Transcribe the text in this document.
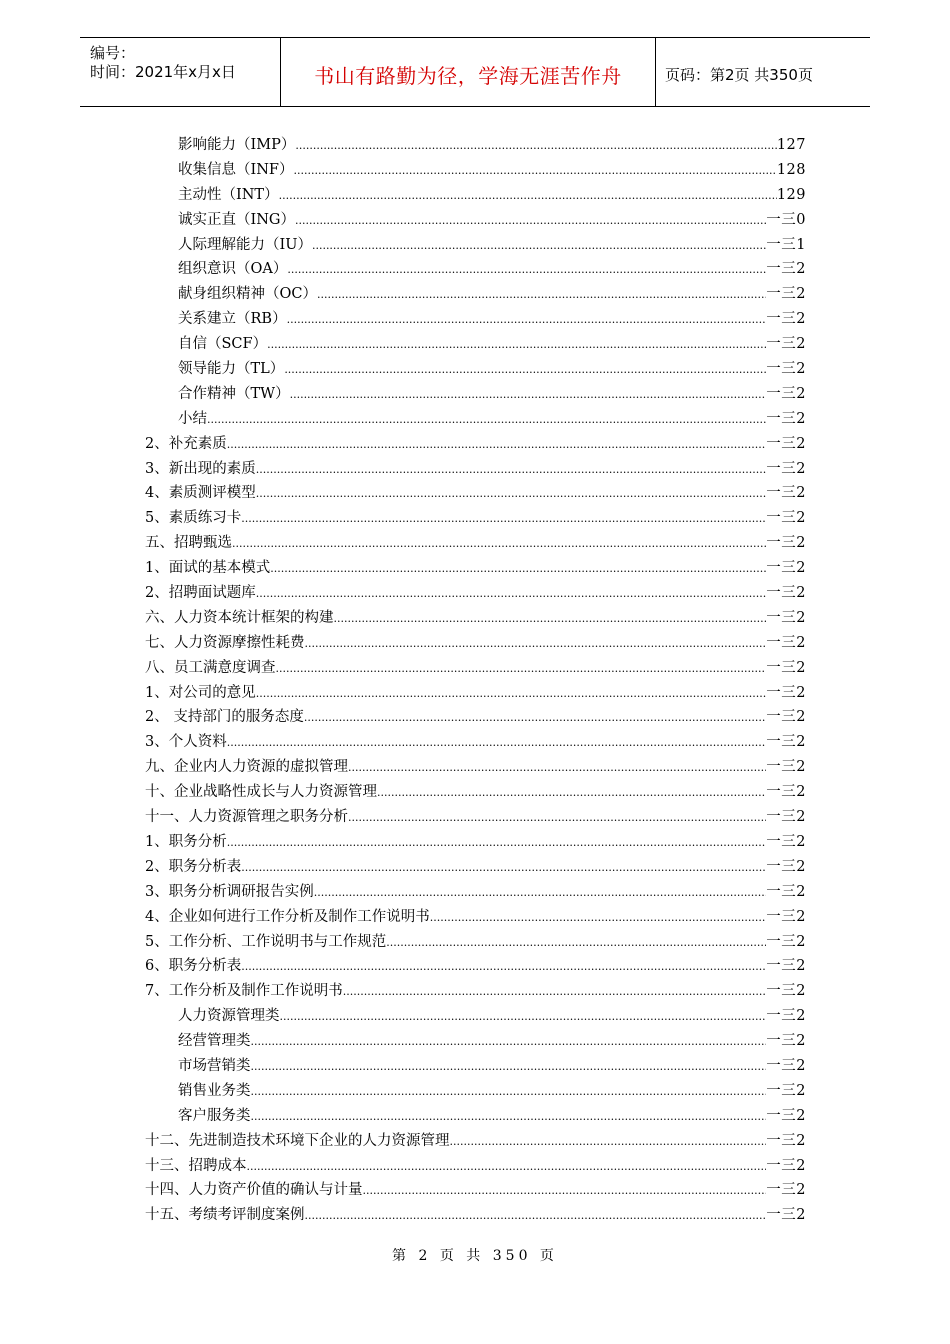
编号：
时间：2021年x月x日	书山有路勤为径，学海无涯苦作舟	页码：第2页 共350页
影响能力（IMP） .....	127
收集信息（INF） .....	128
主动性（INT） .....	129
诚实正直（ING） .....	一三0
人际理解能力（IU） .....	一三1
组织意识（OA） .....	一三2
献身组织精神（OC） .....	一三2
关系建立（RB） .....	一三2
自信（SCF） .....	一三2
领导能力（TL） .....	一三2
合作精神（TW） .....	一三2
小结 .....	一三2
2、补充素质 .....	一三2
3、新出现的素质 .....	一三2
4、素质测评模型 .....	一三2
5、素质练习卡 .....	一三2
五、招聘甄选 .....	一三2
1、面试的基本模式 .....	一三2
2、招聘面试题库 .....	一三2
六、人力资本统计框架的构建 .....	一三2
七、人力资源摩擦性耗费 .....	一三2
八、员工满意度调查 .....	一三2
1、对公司的意见 .....	一三2
2、 支持部门的服务态度 .....	一三2
3、个人资料 .....	一三2
九、企业内人力资源的虚拟管理 .....	一三2
十、企业战略性成长与人力资源管理 .....	一三2
十一、人力资源管理之职务分析 .....	一三2
1、职务分析 .....	一三2
2、职务分析表 .....	一三2
3、职务分析调研报告实例 .....	一三2
4、企业如何进行工作分析及制作工作说明书 .....	一三2
5、工作分析、工作说明书与工作规范 .....	一三2
6、职务分析表 .....	一三2
7、工作分析及制作工作说明书 .....	一三2
人力资源管理类 .....	一三2
经营管理类 .....	一三2
市场营销类 .....	一三2
销售业务类 .....	一三2
客户服务类 .....	一三2
十二、先进制造技术环境下企业的人力资源管理 .....	一三2
十三、招聘成本 .....	一三2
十四、人力资产价值的确认与计量 .....	一三2
十五、考绩考评制度案例 .....	一三2
第 2 页 共 350 页
